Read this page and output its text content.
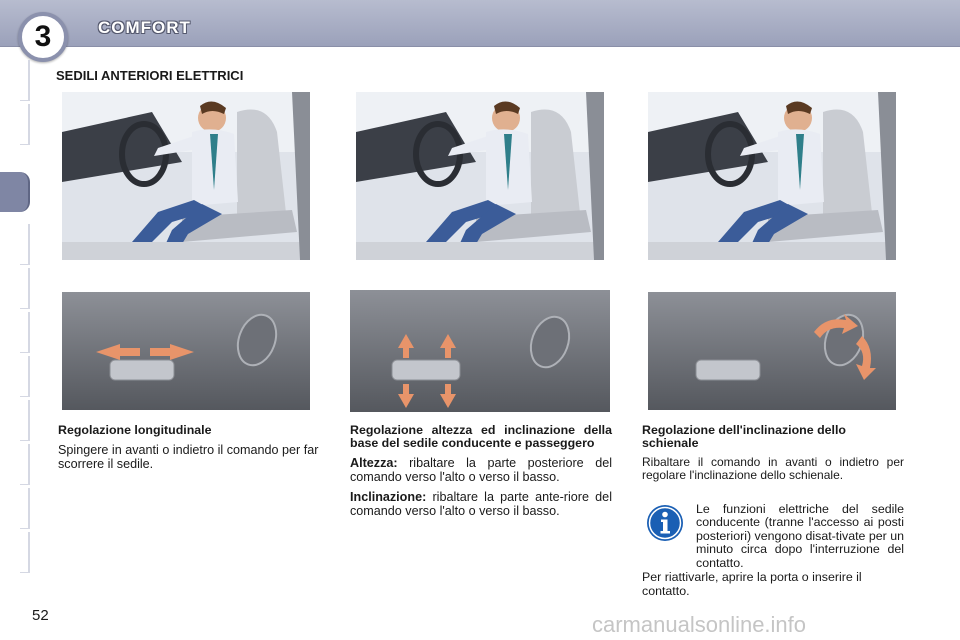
3	COMFORT
SEDILI ANTERIORI ELETTRICI
Regolazione longitudinale

Spingere in avanti o indietro il comando per far scorrere il sedile.

Regolazione altezza ed inclinazione della base del sedile conducente e passeggero

Altezza: ribaltare la parte posteriore del comando verso l'alto o verso il basso.

Inclinazione: ribaltare la parte ante-riore del comando verso l'alto o verso il basso.

Regolazione dell'inclinazione dello schienale

Ribaltare il comando in avanti o indietro per regolare l'inclinazione dello schienale.

Le funzioni elettriche del sedile conducente (tranne l'accesso ai posti posteriori) vengono disat-tivate per un minuto circa dopo l'interruzione del contatto.
Per riattivarle, aprire la porta o inserire il contatto.
52	carmanualsonline.info
